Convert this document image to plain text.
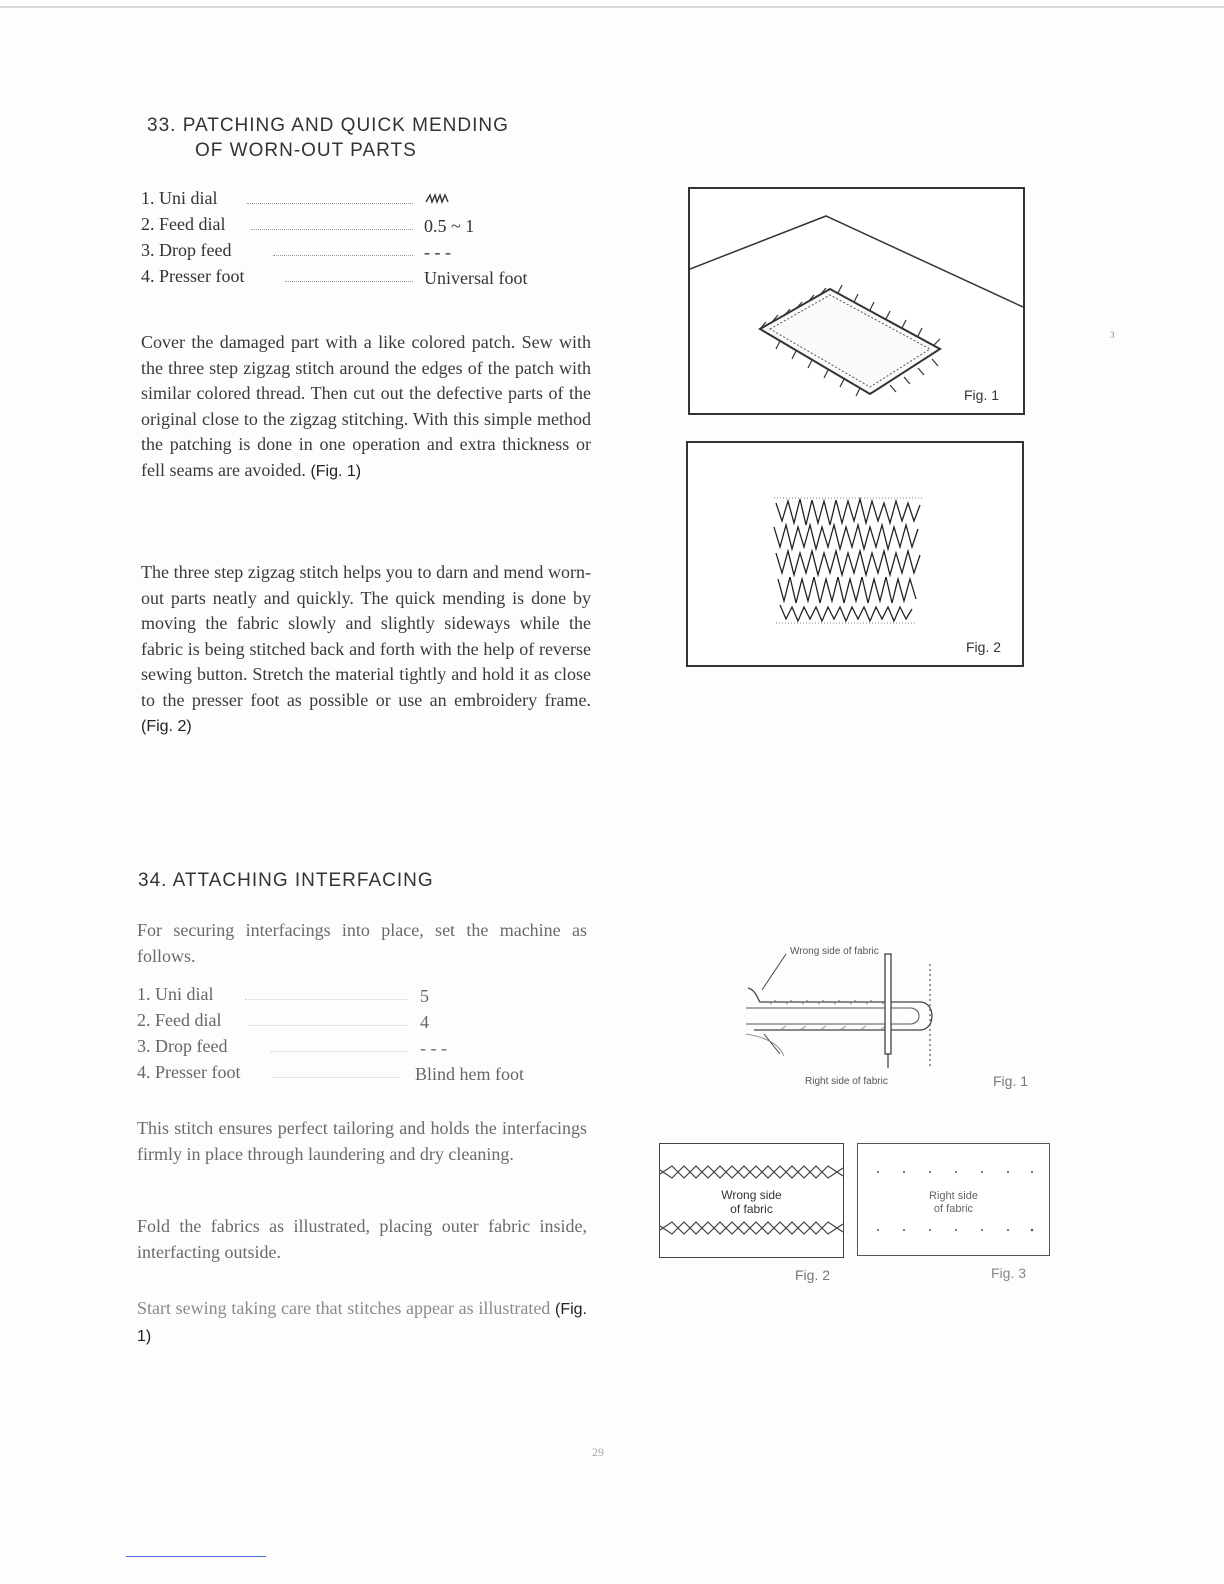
33. PATCHING AND QUICK MENDING
OF WORN-OUT PARTS
1. Uni dial
2. Feed dial	0.5 ~ 1
3. Drop feed	- - -
4. Presser foot	Universal foot

Cover the damaged part with a like colored patch. Sew with the three step zigzag stitch around the edges of the patch with similar colored thread. Then cut out the defective parts of the original close to the zigzag stitching. With this simple method the patching is done in one operation and extra thickness or fell seams are avoided. (Fig. 1)

The three step zigzag stitch helps you to darn and mend worn-out parts neatly and quickly. The quick mending is done by moving the fabric slowly and slightly sideways while the fabric is being stitched back and forth with the help of reverse sewing button. Stretch the material tightly and hold it as close to the presser foot as possible or use an embroidery frame. (Fig. 2)

Fig. 1
Fig. 2
3
34. ATTACHING INTERFACING

For securing interfacings into place, set the machine as follows.

1. Uni dial	5
2. Feed dial	4
3. Drop feed	- - -
4. Presser foot	Blind hem foot

This stitch ensures perfect tailoring and holds the interfacings firmly in place through laundering and dry cleaning.

Fold the fabrics as illustrated, placing outer fabric inside, interfacting outside.

Start sewing taking care that stitches appear as illustrated (Fig. 1)

Wrong side of fabric
Right side of fabric	Fig. 1
Wrong side
of fabric
Fig. 2
Right side
of fabric
Fig. 3
29
